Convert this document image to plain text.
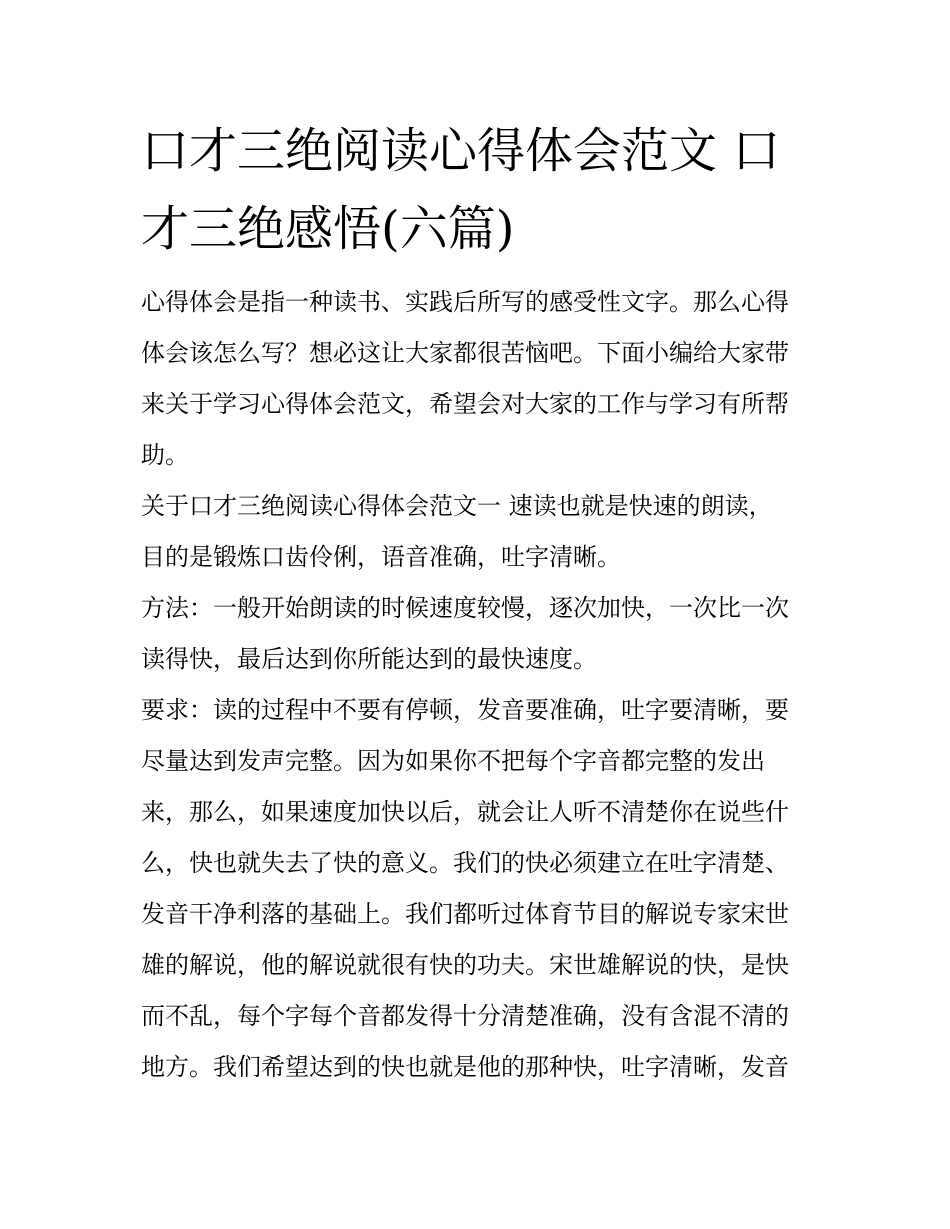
口才三绝阅读心得体会范文 口
才三绝感悟(六篇)

心得体会是指一种读书、实践后所写的感受性文字。那么心得
体会该怎么写？想必这让大家都很苦恼吧。下面小编给大家带
来关于学习心得体会范文，希望会对大家的工作与学习有所帮
助。

关于口才三绝阅读心得体会范文一 速读也就是快速的朗读，
目的是锻炼口齿伶俐，语音准确，吐字清晰。

方法：一般开始朗读的时候速度较慢，逐次加快，一次比一次
读得快，最后达到你所能达到的最快速度。

要求：读的过程中不要有停顿，发音要准确，吐字要清晰，要
尽量达到发声完整。因为如果你不把每个字音都完整的发出
来，那么，如果速度加快以后，就会让人听不清楚你在说些什
么，快也就失去了快的意义。我们的快必须建立在吐字清楚、
发音干净利落的基础上。我们都听过体育节目的解说专家宋世
雄的解说，他的解说就很有快的功夫。宋世雄解说的快，是快
而不乱，每个字每个音都发得十分清楚准确，没有含混不清的
地方。我们希望达到的快也就是他的那种快，吐字清晰，发音
